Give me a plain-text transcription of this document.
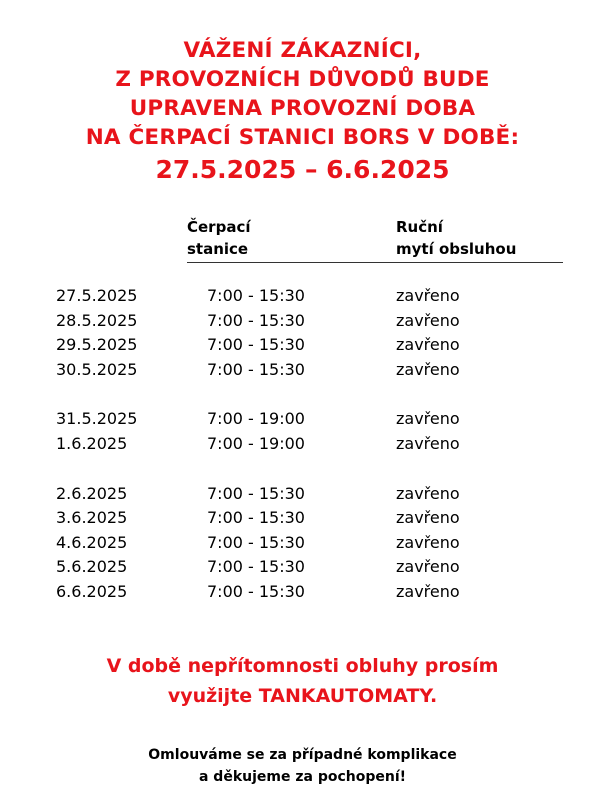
VÁŽENÍ ZÁKAZNÍCI,
Z PROVOZNÍCH DŮVODŮ BUDE
UPRAVENA PROVOZNÍ DOBA
NA ČERPACÍ STANICI BORS V DOBĚ:
27.5.2025 – 6.6.2025
Čerpací
stanice
Ruční
mytí obsluhou
27.5.2025	7:00 - 15:30	zavřeno
28.5.2025	7:00 - 15:30	zavřeno
29.5.2025	7:00 - 15:30	zavřeno
30.5.2025	7:00 - 15:30	zavřeno
31.5.2025	7:00 - 19:00	zavřeno
1.6.2025	7:00 - 19:00	zavřeno
2.6.2025	7:00 - 15:30	zavřeno
3.6.2025	7:00 - 15:30	zavřeno
4.6.2025	7:00 - 15:30	zavřeno
5.6.2025	7:00 - 15:30	zavřeno
6.6.2025	7:00 - 15:30	zavřeno
V době nepřítomnosti obluhy prosím
využijte TANKAUTOMATY.
Omlouváme se za případné komplikace
a děkujeme za pochopení!
